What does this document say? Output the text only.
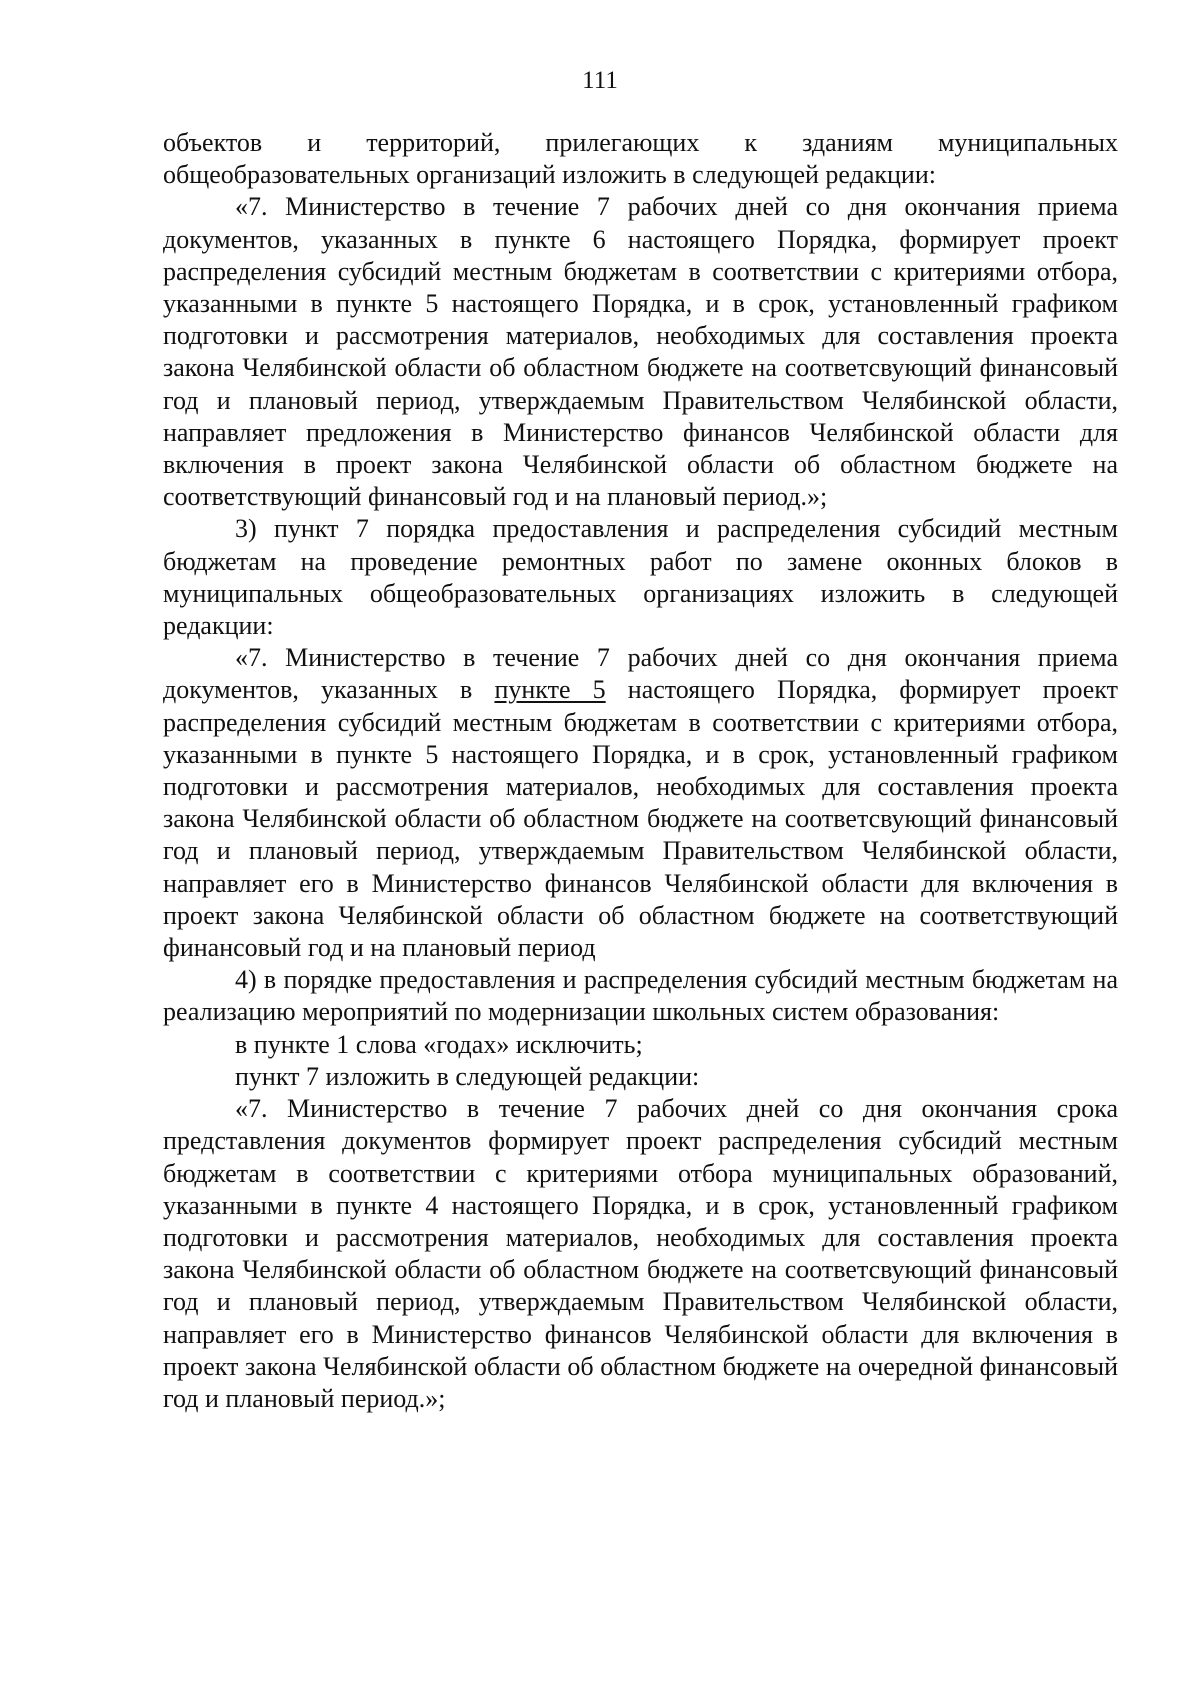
111

объектов и территорий, прилегающих к зданиям муниципальных общеобразовательных организаций изложить в следующей редакции:

«7. Министерство в течение 7 рабочих дней со дня окончания приема документов, указанных в пункте 6 настоящего Порядка, формирует проект распределения субсидий местным бюджетам в соответствии с критериями отбора, указанными в пункте 5 настоящего Порядка, и в срок, установленный графиком подготовки и рассмотрения материалов, необходимых для составления проекта закона Челябинской области об областном бюджете на соответсвующий финансовый год и плановый период, утверждаемым Правительством Челябинской области, направляет предложения в Министерство финансов Челябинской области для включения в проект закона Челябинской области об областном бюджете на соответствующий финансовый год и на плановый период.»;

3) пункт 7 порядка предоставления и распределения субсидий местным бюджетам на проведение ремонтных работ по замене оконных блоков в муниципальных общеобразовательных организациях изложить в следующей редакции:

«7. Министерство в течение 7 рабочих дней со дня окончания приема документов, указанных в пункте 5 настоящего Порядка, формирует проект распределения субсидий местным бюджетам в соответствии с критериями отбора, указанными в пункте 5 настоящего Порядка, и в срок, установленный графиком подготовки и рассмотрения материалов, необходимых для составления проекта закона Челябинской области об областном бюджете на соответсвующий финансовый год и плановый период, утверждаемым Правительством Челябинской области, направляет его в Министерство финансов Челябинской области для включения в проект закона Челябинской области об областном бюджете на соответствующий финансовый год и на плановый период

4) в порядке предоставления и распределения субсидий местным бюджетам на реализацию мероприятий по модернизации школьных систем образования:

в пункте 1 слова «годах» исключить;

пункт 7 изложить в следующей редакции:

«7. Министерство в течение 7 рабочих дней со дня окончания срока представления документов формирует проект распределения субсидий местным бюджетам в соответствии с критериями отбора муниципальных образований, указанными в пункте 4 настоящего Порядка, и в срок, установленный графиком подготовки и рассмотрения материалов, необходимых для составления проекта закона Челябинской области об областном бюджете на соответсвующий финансовый год и плановый период, утверждаемым Правительством Челябинской области, направляет его в Министерство финансов Челябинской области для включения в проект закона Челябинской области об областном бюджете на очередной финансовый год и плановый период.»;
